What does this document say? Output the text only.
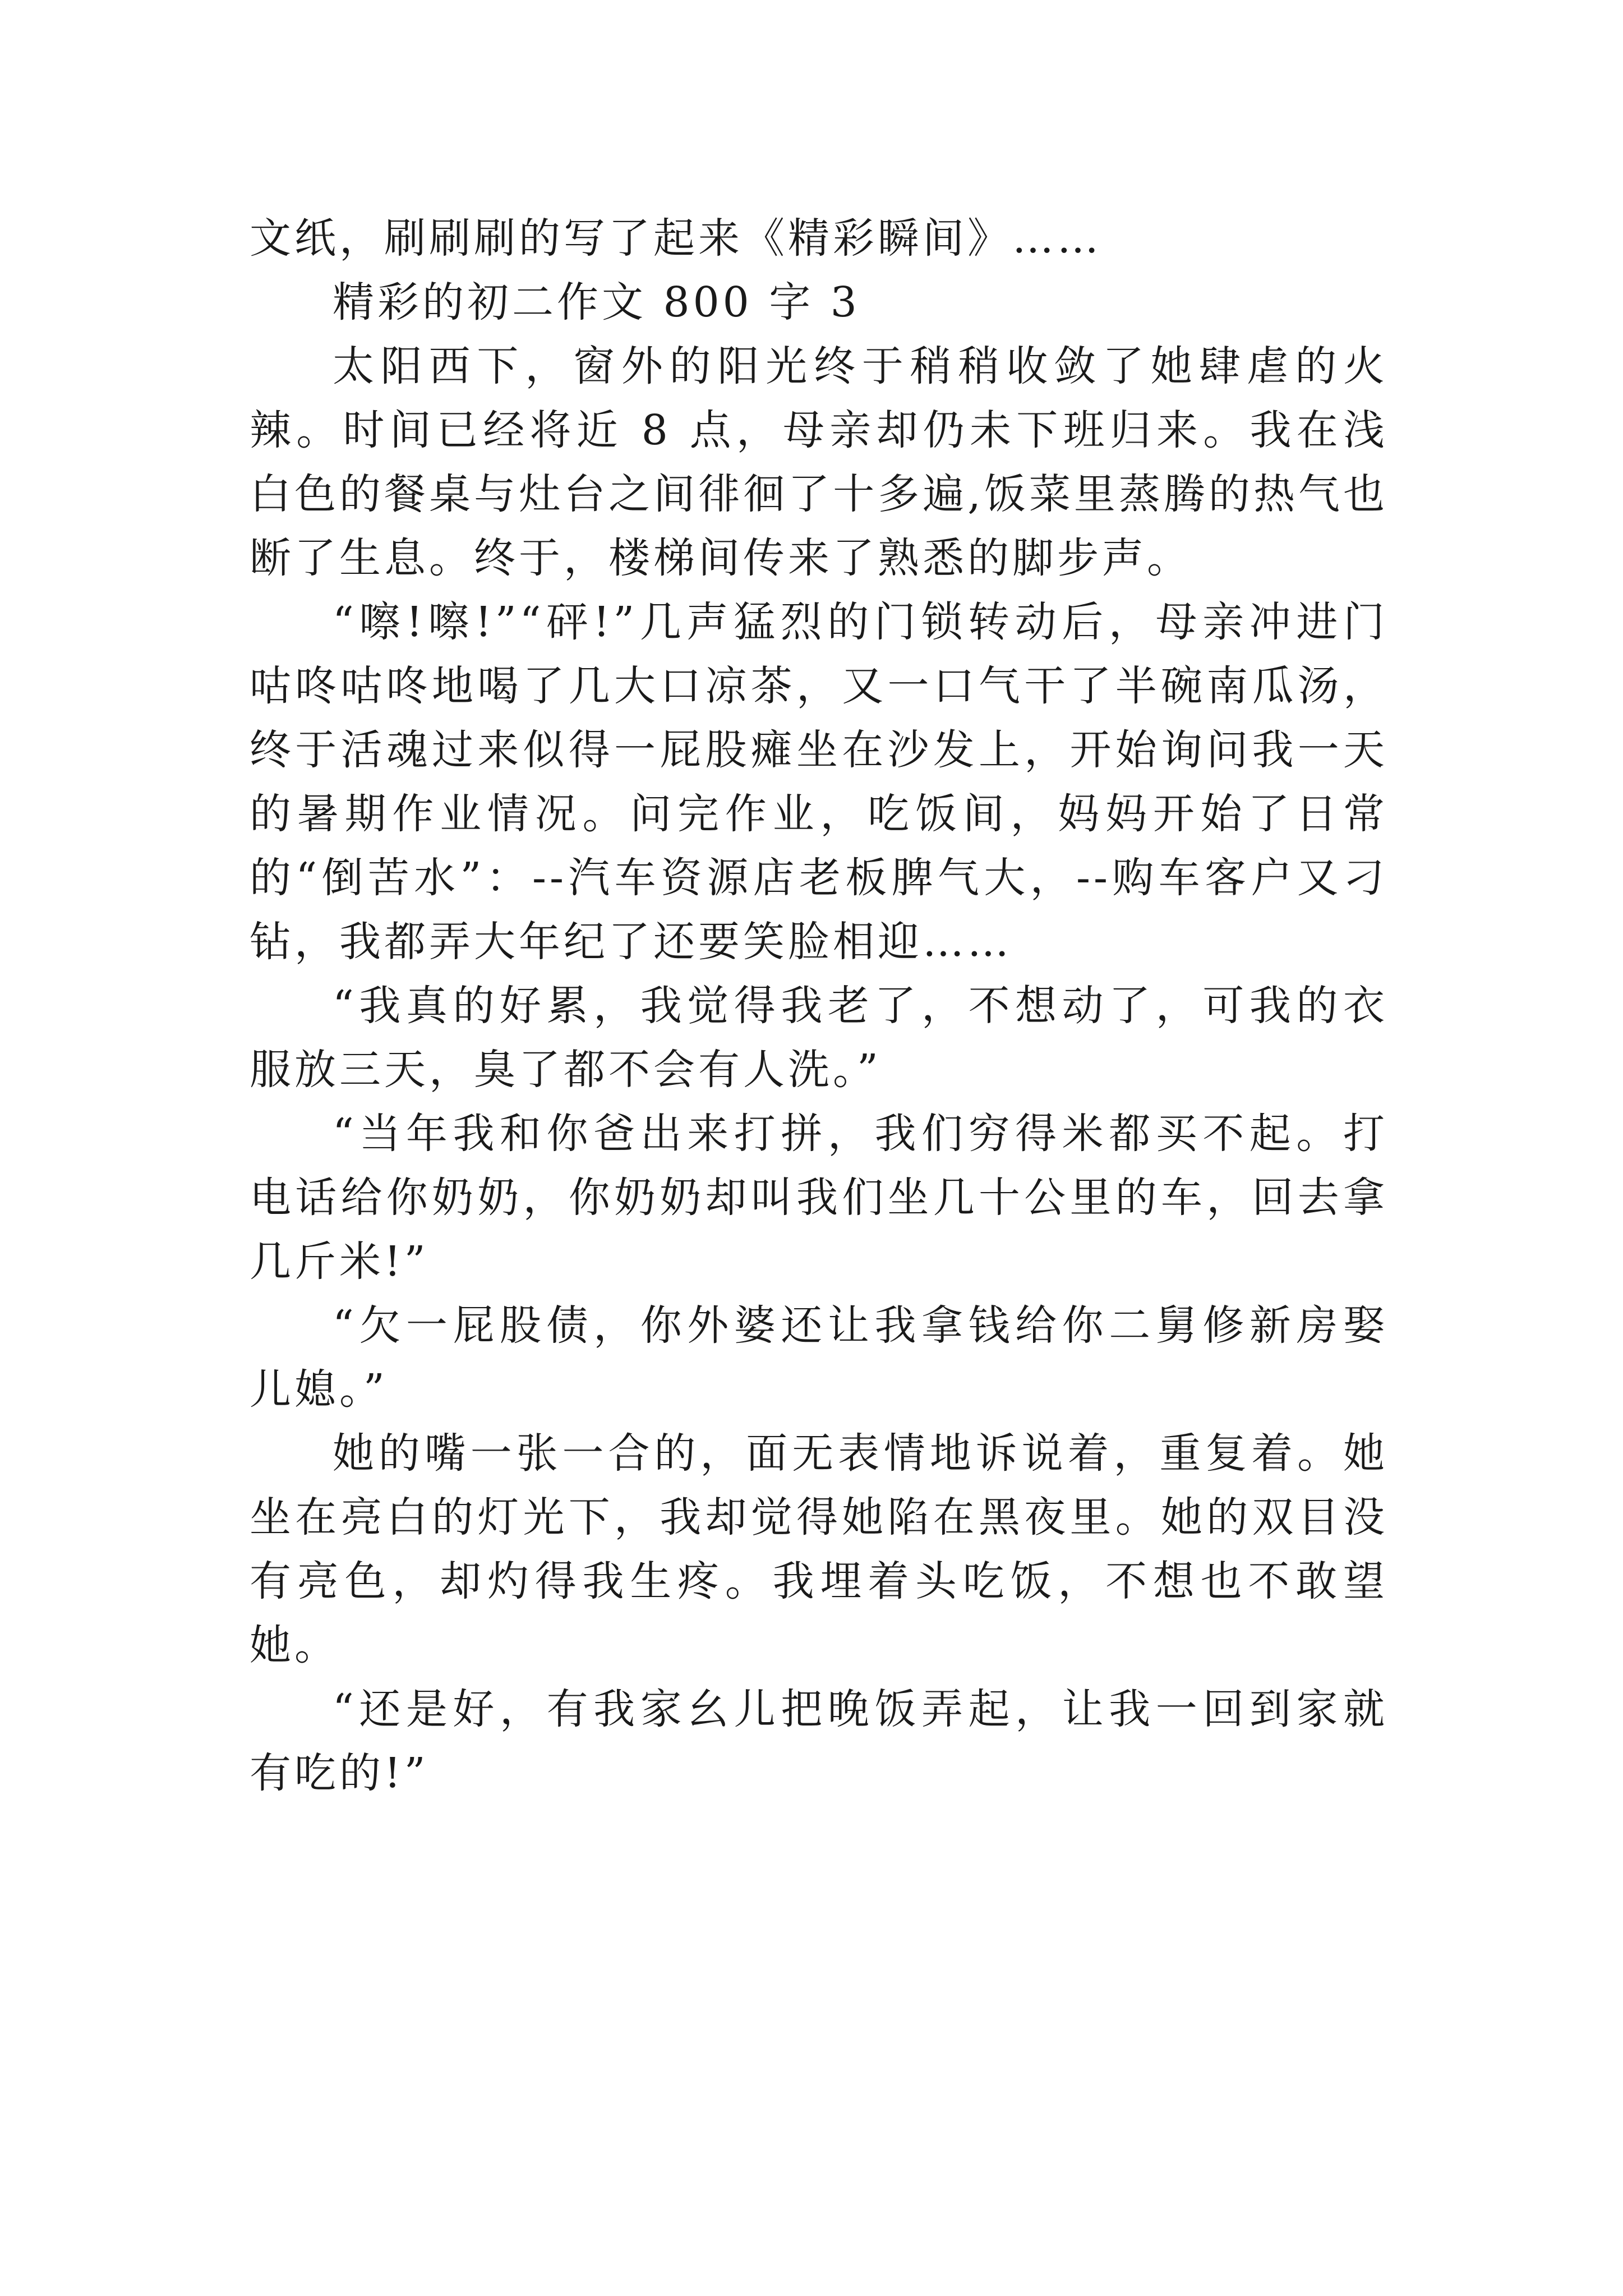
文纸，刷刷刷的写了起来《精彩瞬间》……

精彩的初二作文 800 字 3

太阳西下，窗外的阳光终于稍稍收敛了她肆虐的火辣。时间已经将近 8 点，母亲却仍未下班归来。我在浅白色的餐桌与灶台之间徘徊了十多遍,饭菜里蒸腾的热气也断了生息。终于，楼梯间传来了熟悉的脚步声。

“嚓!嚓!”“砰!”几声猛烈的门锁转动后，母亲冲进门咕咚咕咚地喝了几大口凉茶，又一口气干了半碗南瓜汤，终于活魂过来似得一屁股瘫坐在沙发上，开始询问我一天的暑期作业情况。问完作业，吃饭间，妈妈开始了日常的“倒苦水”：--汽车资源店老板脾气大，--购车客户又刁钻，我都弄大年纪了还要笑脸相迎……

“我真的好累，我觉得我老了，不想动了，可我的衣服放三天，臭了都不会有人洗。”

“当年我和你爸出来打拼，我们穷得米都买不起。打电话给你奶奶，你奶奶却叫我们坐几十公里的车，回去拿几斤米!”

“欠一屁股债，你外婆还让我拿钱给你二舅修新房娶儿媳。”

她的嘴一张一合的，面无表情地诉说着，重复着。她坐在亮白的灯光下，我却觉得她陷在黑夜里。她的双目没有亮色，却灼得我生疼。我埋着头吃饭，不想也不敢望她。

“还是好，有我家幺儿把晚饭弄起，让我一回到家就有吃的!”
